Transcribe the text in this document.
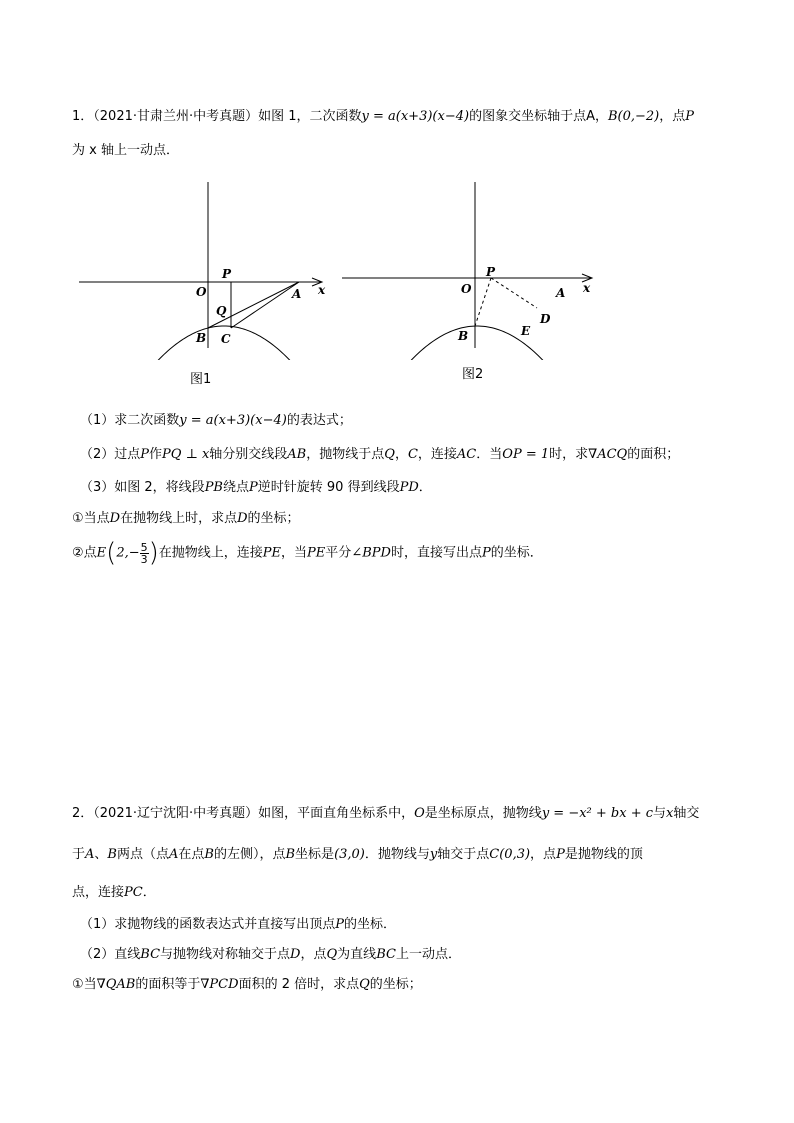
1．（2021·甘肃兰州·中考真题）如图 1，二次函数y = a(x+3)(x−4)的图象交坐标轴于点A，B(0,−2)，点P
为 x 轴上一动点．
P
O	A x
Q
B C
图1
P
O	A x
D
E
B
图2
（1）求二次函数y = a(x+3)(x−4)的表达式；
（2）过点P作PQ ⊥ x轴分别交线段AB，抛物线于点Q，C，连接AC．当OP = 1时，求∇ACQ的面积；
（3）如图 2，将线段PB绕点P逆时针旋转 90 得到线段PD．
①当点D在抛物线上时，求点D的坐标；
②点$E(2,- \frac{5}{3}$ )在抛物线上，连接PE，当PE平分∠BPD时，直接写出点P的坐标．
2．（2021·辽宁沈阳·中考真题）如图，平面直角坐标系中，O是坐标原点，抛物线y = −x² + bx + c与x轴交
于A、B两点（点A在点B的左侧），点B坐标是(3,0)．抛物线与y轴交于点C(0,3)，点P是抛物线的顶
点，连接PC．
（1）求抛物线的函数表达式并直接写出顶点P的坐标．
（2）直线BC与抛物线对称轴交于点D，点Q为直线BC上一动点．
①当∇QAB的面积等于∇PCD面积的 2 倍时，求点Q的坐标；
